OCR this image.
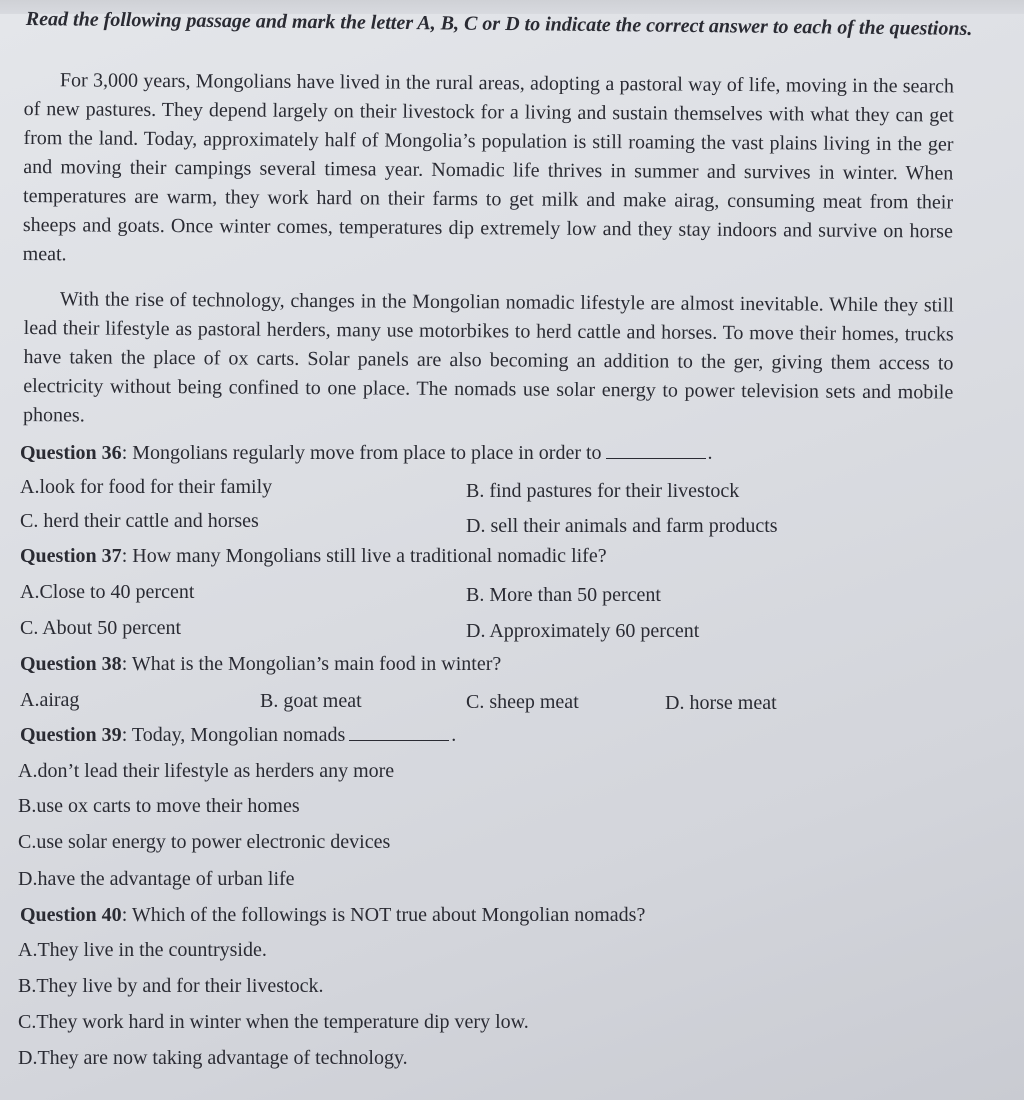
Read the following passage and mark the letter A, B, C or D to indicate the correct answer to each of the questions.
For 3,000 years, Mongolians have lived in the rural areas, adopting a pastoral way of life, moving in the search of new pastures. They depend largely on their livestock for a living and sustain themselves with what they can get from the land. Today, approximately half of Mongolia’s population is still roaming the vast plains living in the ger and moving their campings several timesa year. Nomadic life thrives in summer and survives in winter. When temperatures are warm, they work hard on their farms to get milk and make airag, consuming meat from their sheeps and goats. Once winter comes, temperatures dip extremely low and they stay indoors and survive on horse meat.
With the rise of technology, changes in the Mongolian nomadic lifestyle are almost inevitable. While they still lead their lifestyle as pastoral herders, many use motorbikes to herd cattle and horses. To move their homes, trucks have taken the place of ox carts. Solar panels are also becoming an addition to the ger, giving them access to electricity without being confined to one place. The nomads use solar energy to power television sets and mobile phones.
Question 36: Mongolians regularly move from place to place in order to	.
A.look for food for their family	B. find pastures for their livestock
C. herd their cattle and horses	D. sell their animals and farm products
Question 37: How many Mongolians still live a traditional nomadic life?
A.Close to 40 percent	B. More than 50 percent
C. About 50 percent	D. Approximately 60 percent
Question 38: What is the Mongolian’s main food in winter?
A.airag	B. goat meat	C. sheep meat	D. horse meat
Question 39: Today, Mongolian nomads	.
A.don’t lead their lifestyle as herders any more
B.use ox carts to move their homes
C.use solar energy to power electronic devices
D.have the advantage of urban life
Question 40: Which of the followings is NOT true about Mongolian nomads?
A.They live in the countryside.
B.They live by and for their livestock.
C.They work hard in winter when the temperature dip very low.
D.They are now taking advantage of technology.
